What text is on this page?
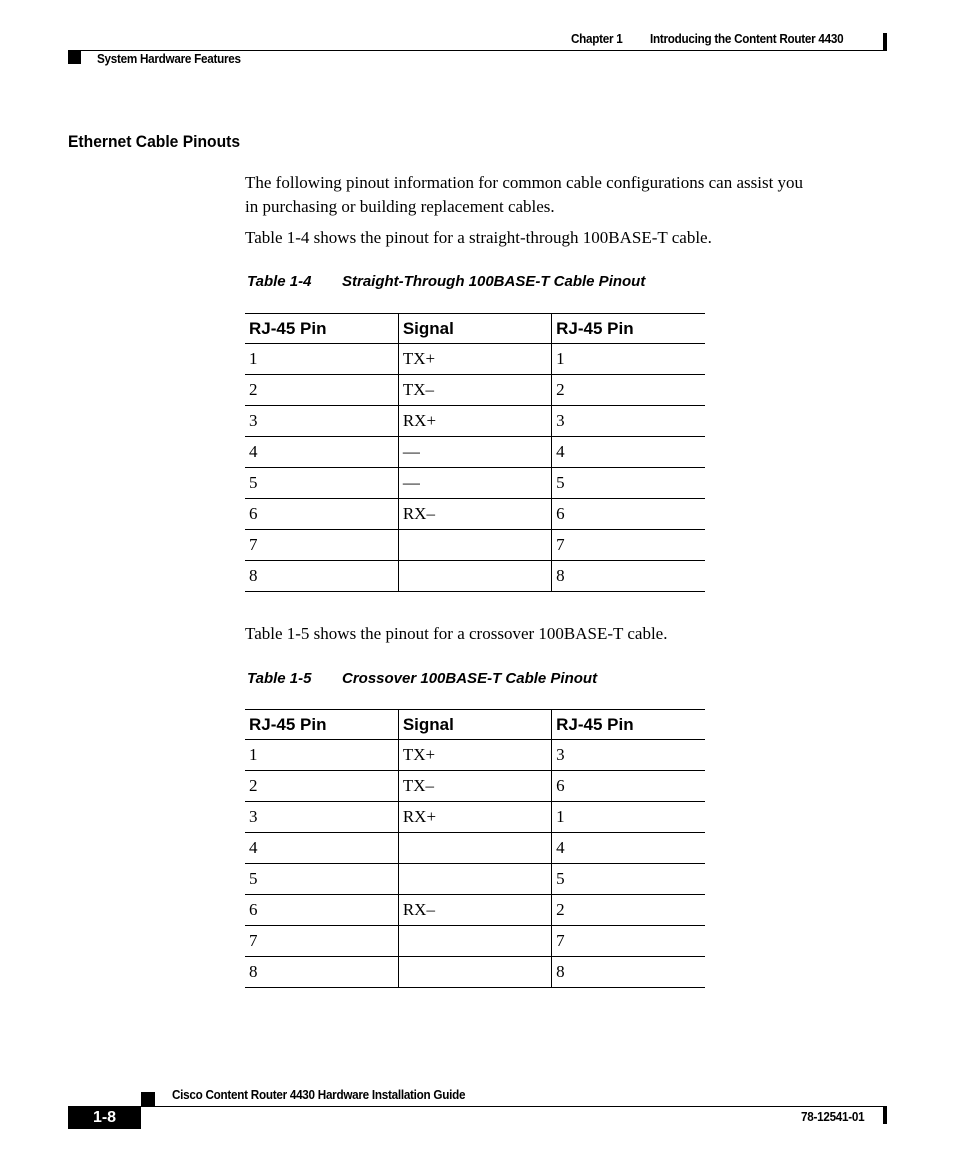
Chapter 1 Introducing the Content Router 4430
System Hardware Features
Ethernet Cable Pinouts
The following pinout information for common cable configurations can assist you
in purchasing or building replacement cables.
Table 1-4 shows the pinout for a straight-through 100BASE-T cable.
Table 1-4 Straight-Through 100BASE-T Cable Pinout
RJ-45 Pin	Signal	RJ-45 Pin
1	TX+	1
2	TX–	2
3	RX+	3
4	—	4
5	—	5
6	RX–	6
7		7
8		8
Table 1-5 shows the pinout for a crossover 100BASE-T cable.
Table 1-5 Crossover 100BASE-T Cable Pinout
RJ-45 Pin	Signal	RJ-45 Pin
1	TX+	3
2	TX–	6
3	RX+	1
4		4
5		5
6	RX–	2
7		7
8		8
Cisco Content Router 4430 Hardware Installation Guide
1-8	78-12541-01
